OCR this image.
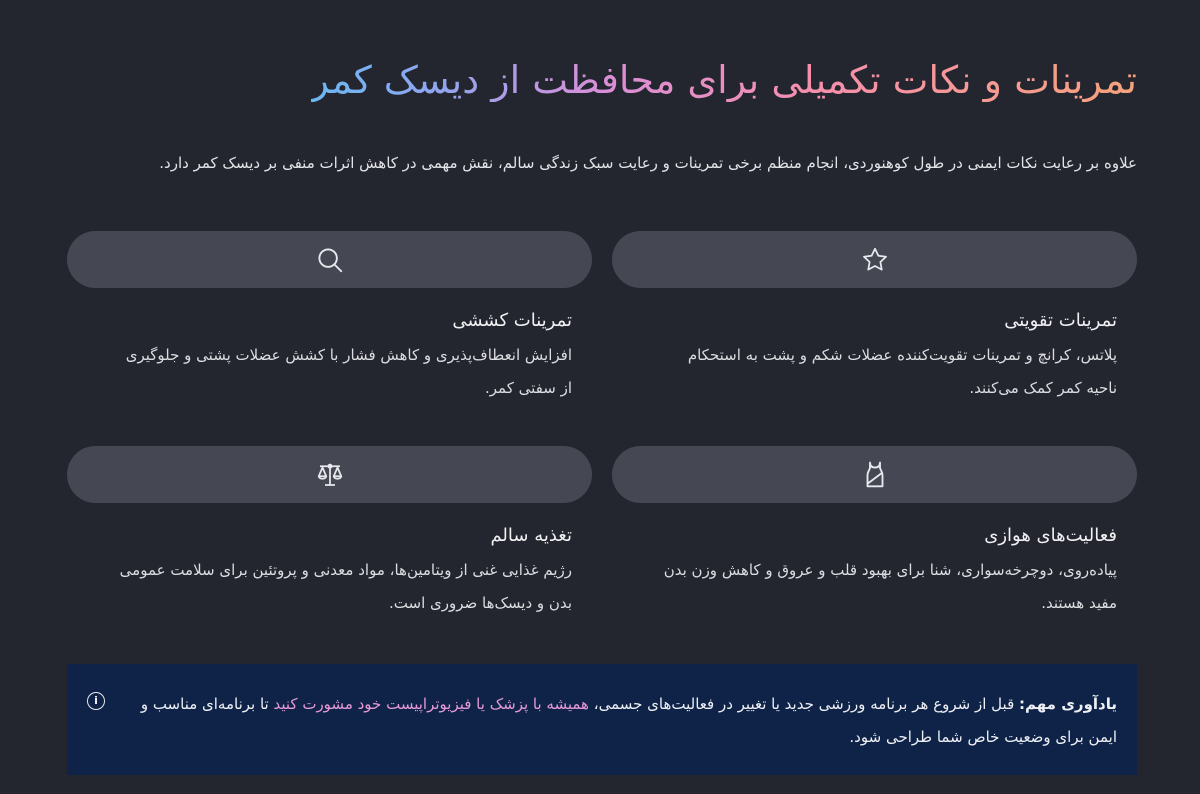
تمرینات و نکات تکمیلی برای محافظت از دیسک کمر

علاوه بر رعایت نکات ایمنی در طول کوهنوردی، انجام منظم برخی تمرینات و رعایت سبک زندگی سالم، نقش مهمی در کاهش اثرات منفی بر دیسک کمر دارد.

تمرینات تقویتی

پلاتس، کرانچ و تمرینات تقویت‌کننده عضلات شکم و پشت به استحکام ناحیه کمر کمک می‌کنند.

تمرینات کششی

افزایش انعطاف‌پذیری و کاهش فشار با کشش عضلات پشتی و جلوگیری از سفتی کمر.

فعالیت‌های هوازی

پیاده‌روی، دوچرخه‌سواری، شنا برای بهبود قلب و عروق و کاهش وزن بدن مفید هستند.

تغذیه سالم

رژیم غذایی غنی از ویتامین‌ها، مواد معدنی و پروتئین برای سلامت عمومی بدن و دیسک‌ها ضروری است.

i	یادآوری مهم: قبل از شروع هر برنامه ورزشی جدید یا تغییر در فعالیت‌های جسمی، همیشه با پزشک یا فیزیوتراپیست خود مشورت کنید تا برنامه‌ای مناسب و ایمن برای وضعیت خاص شما طراحی شود.
